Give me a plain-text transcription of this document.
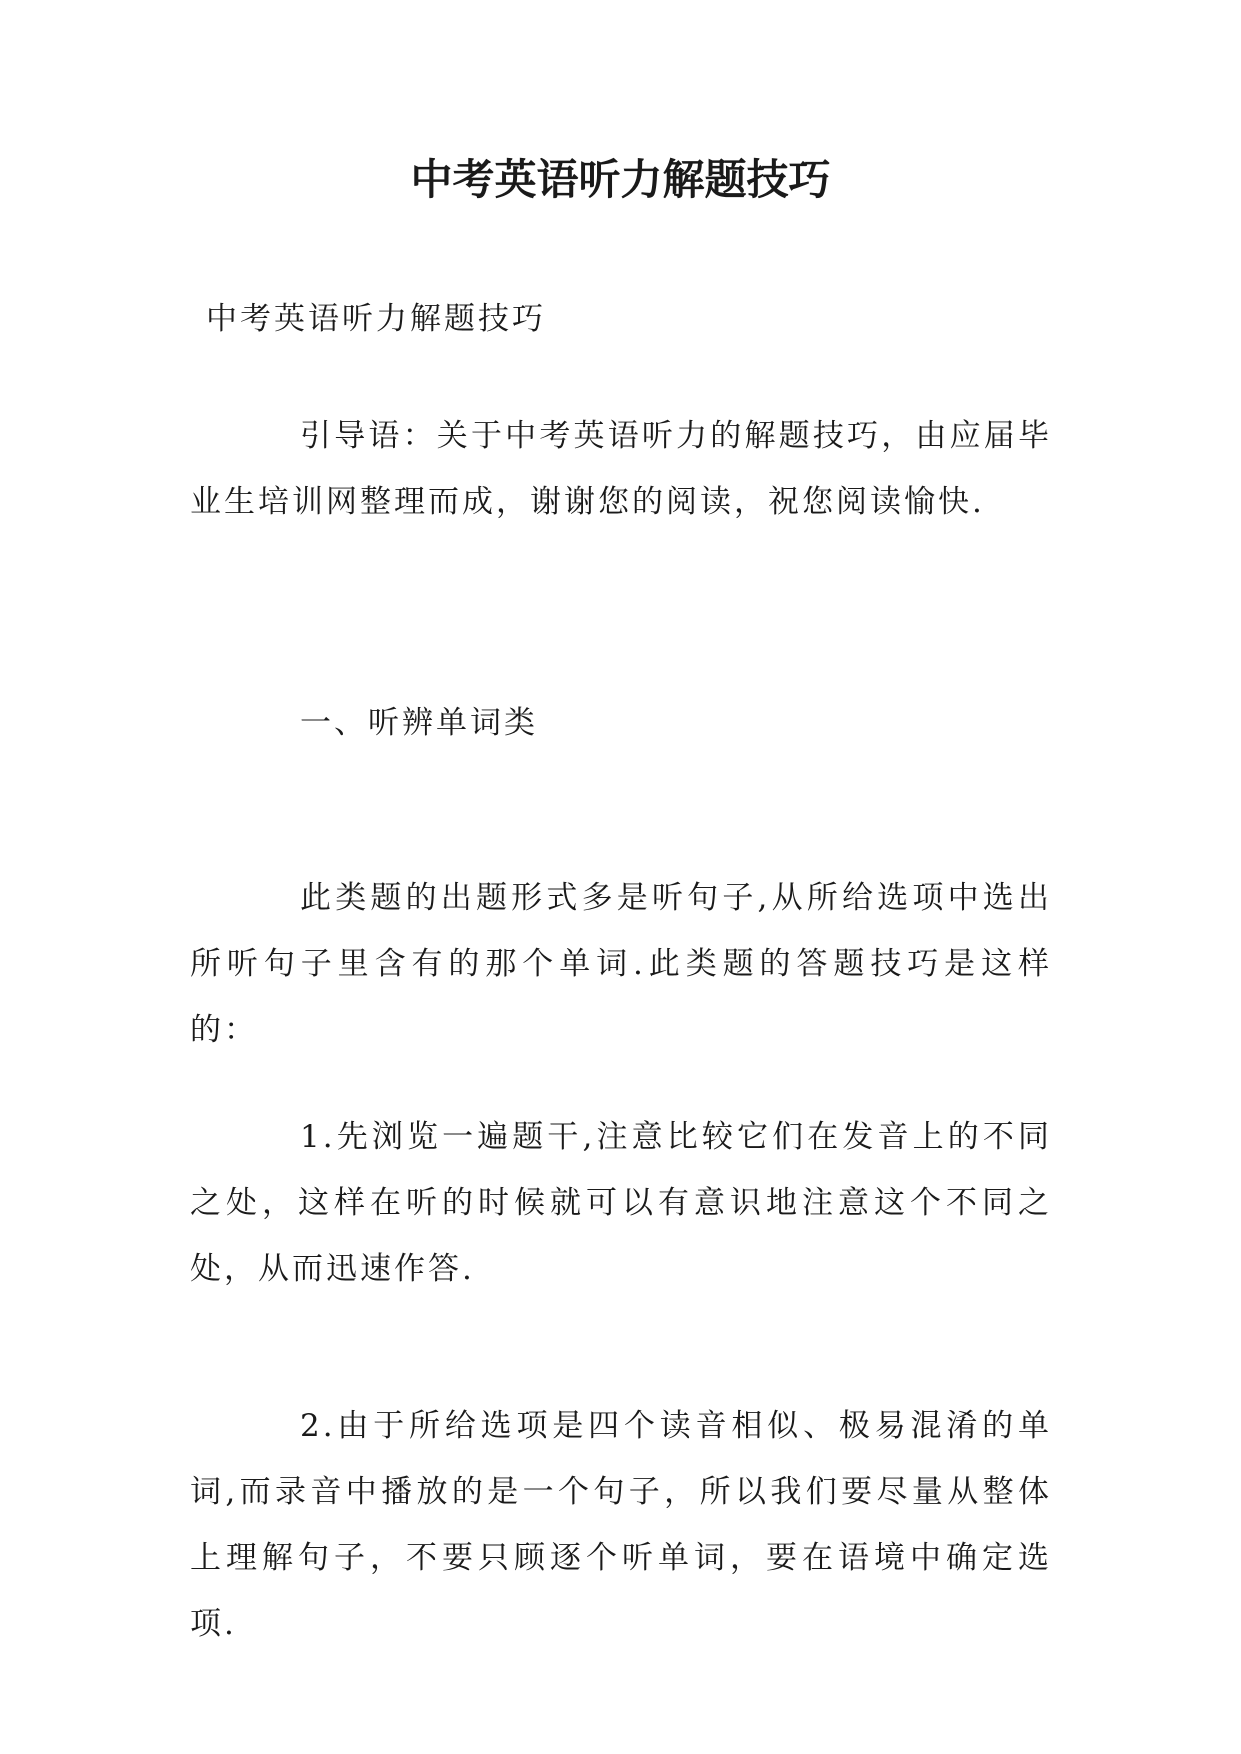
中考英语听力解题技巧

中考英语听力解题技巧

引导语：关于中考英语听力的解题技巧，由应届毕业生培训网整理而成，谢谢您的阅读，祝您阅读愉快.

一、听辨单词类

此类题的出题形式多是听句子,从所给选项中选出所听句子里含有的那个单词.此类题的答题技巧是这样的：

1.先浏览一遍题干,注意比较它们在发音上的不同之处，这样在听的时候就可以有意识地注意这个不同之处，从而迅速作答.

2.由于所给选项是四个读音相似、极易混淆的单词,而录音中播放的是一个句子，所以我们要尽量从整体上理解句子，不要只顾逐个听单词，要在语境中确定选项.
